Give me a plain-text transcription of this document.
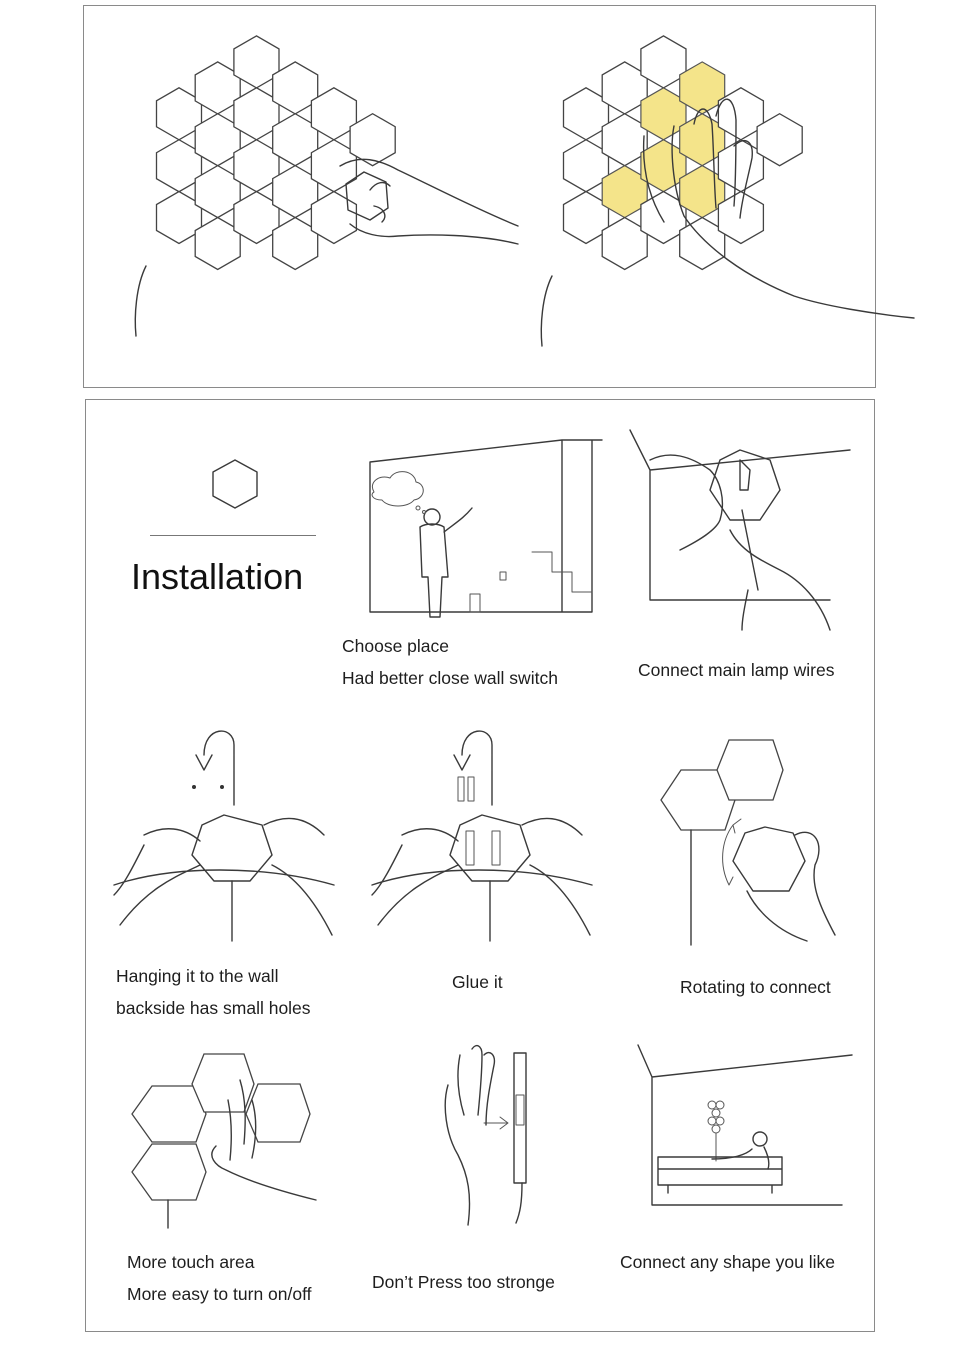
Installation
Choose place
Had better close wall switch	Connect main lamp wires
Hanging it to the wall
backside has small holes
Glue it	Rotating to connect
More touch area
More easy to turn on/off
Don’t Press too stronge
Connect any shape you like
